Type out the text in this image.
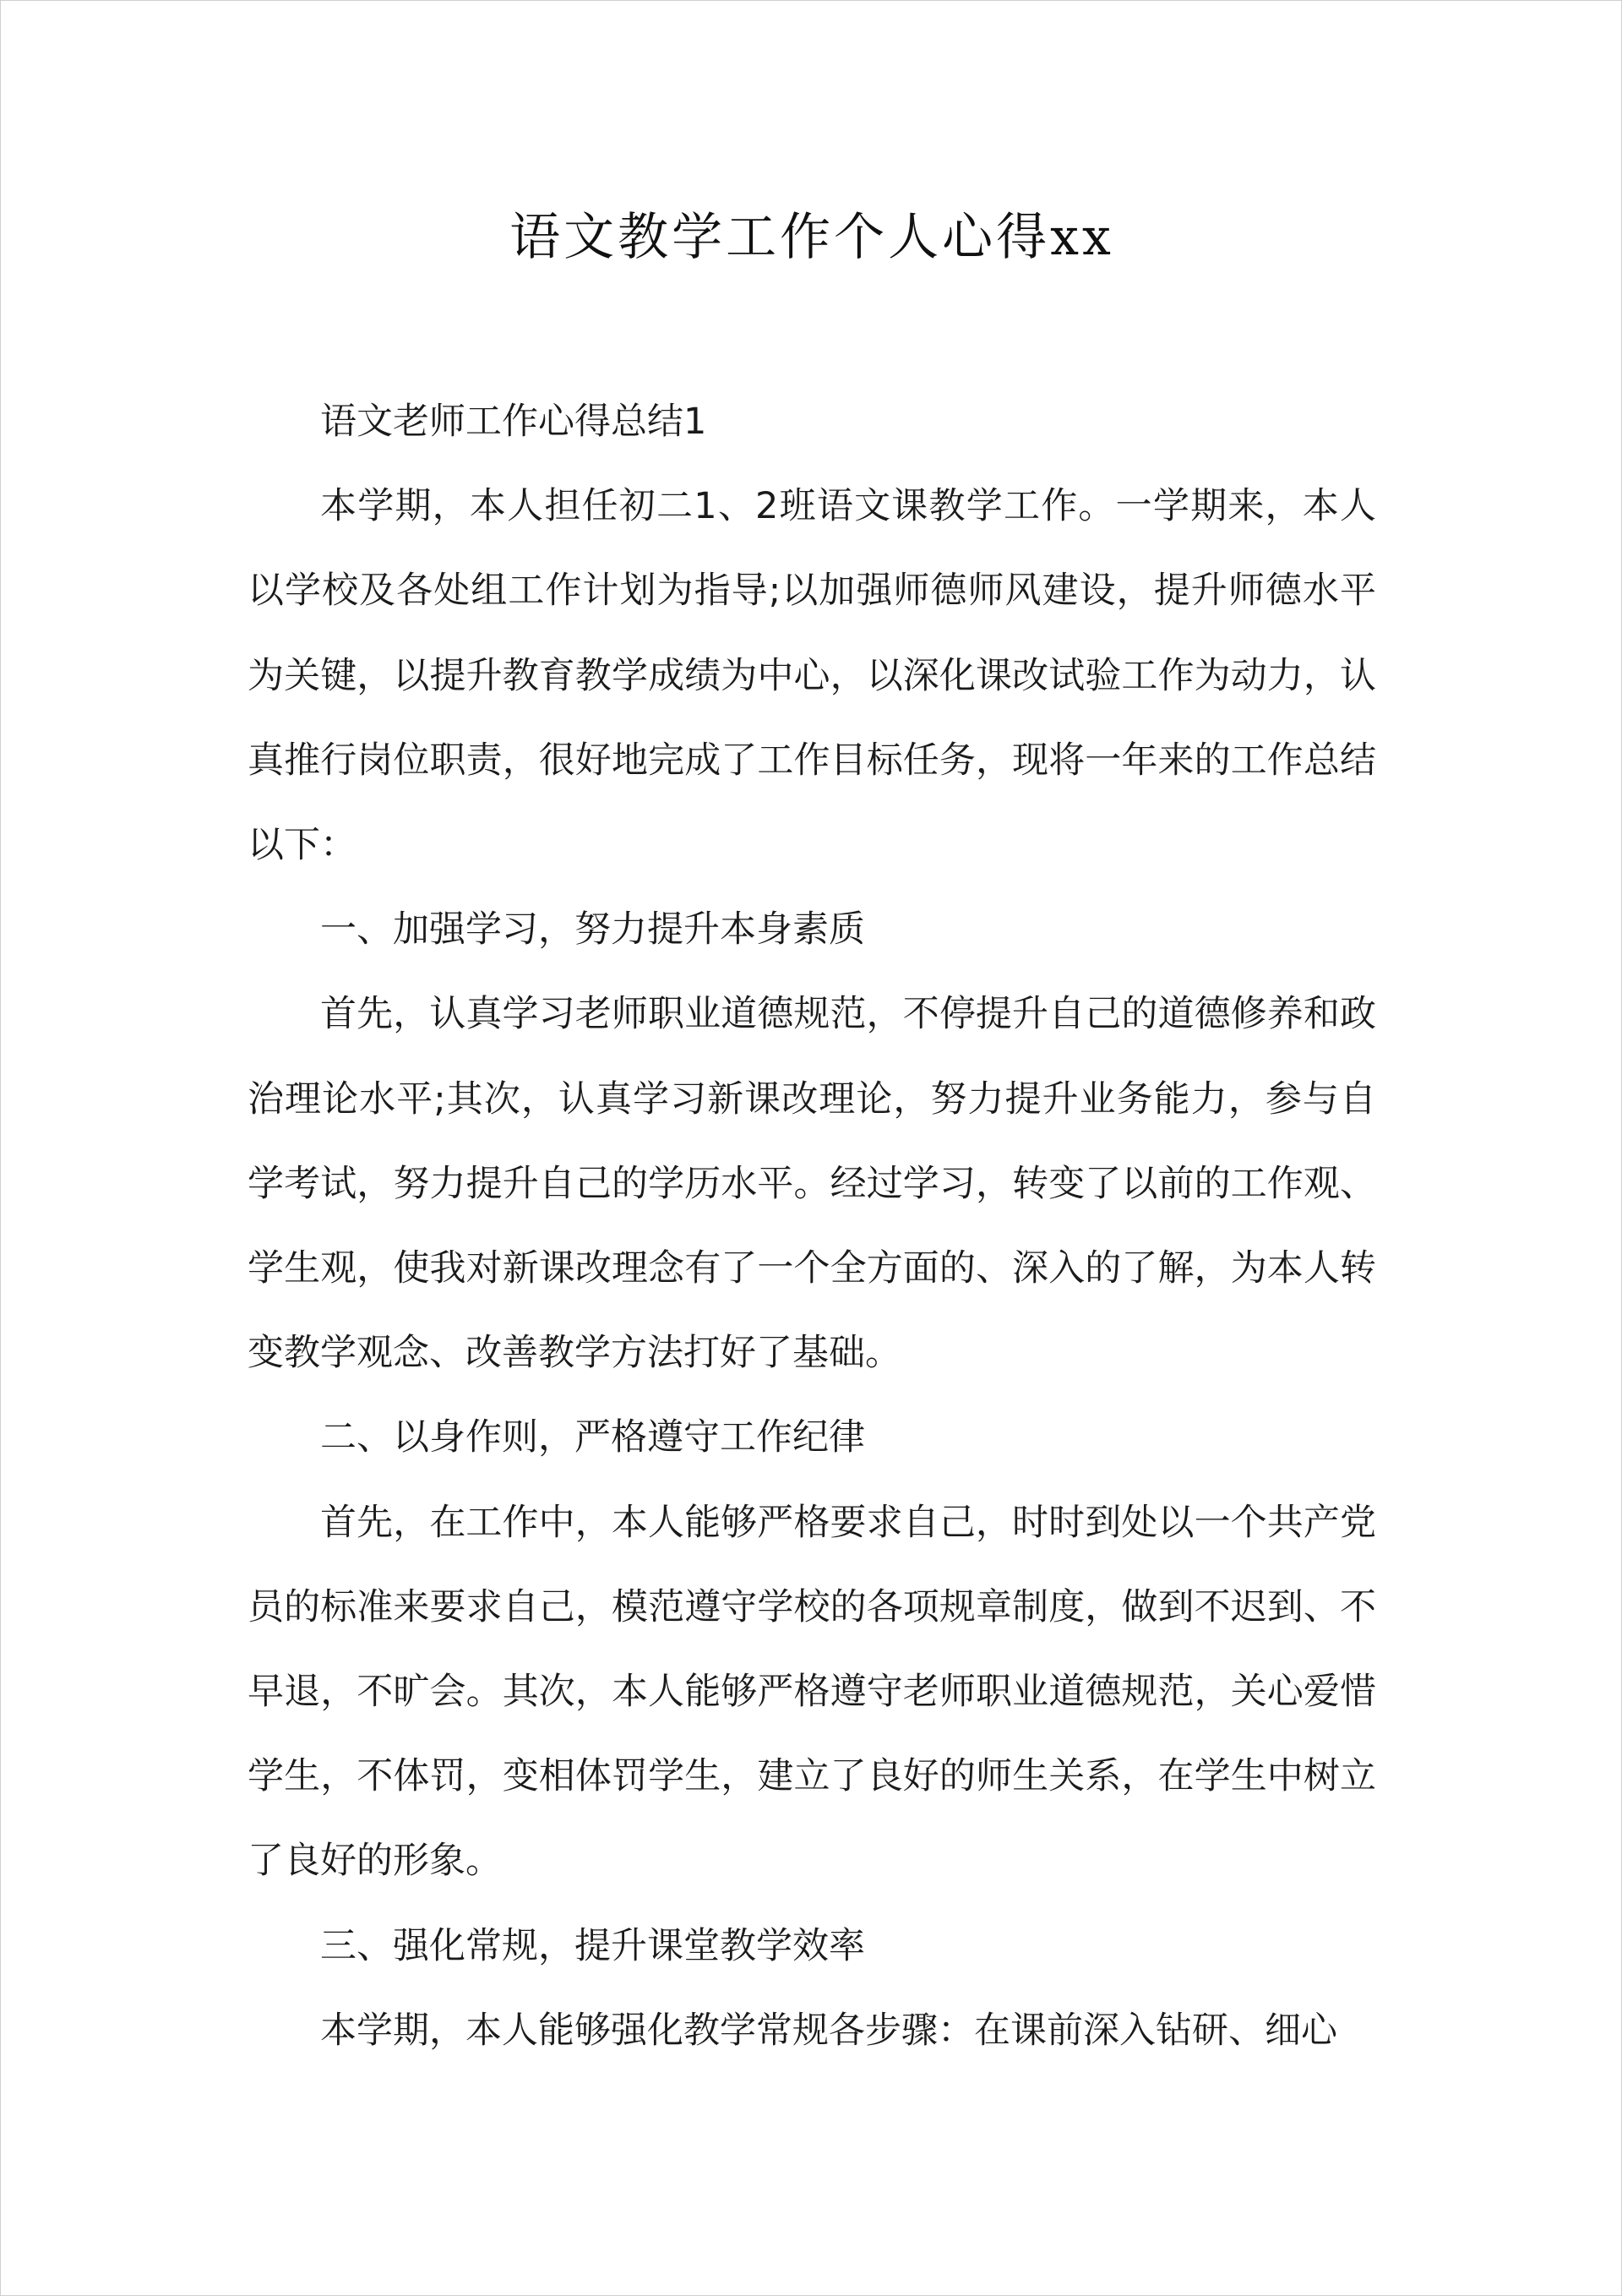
语文教学工作个人心得xx

语文老师工作心得总结1

本学期，本人担任初二1、2班语文课教学工作。一学期来，本人以学校及各处组工作计划为指导;以加强师德师风建设，提升师德水平为关键，以提升教育教学成绩为中心，以深化课改试验工作为动力，认真推行岗位职责，很好地完成了工作目标任务，现将一年来的工作总结以下：

一、加强学习，努力提升本身素质

首先，认真学习老师职业道德规范，不停提升自己的道德修养和政治理论水平;其次，认真学习新课改理论，努力提升业务能力，参与自学考试，努力提升自己的学历水平。经过学习，转变了以前的工作观、学生观，使我对新课改理念有了一个全方面的、深入的了解，为本人转变教学观念、改善教学方法打好了基础。

二、以身作则，严格遵守工作纪律

首先，在工作中，本人能够严格要求自己，时时到处以一个共产党员的标准来要求自己，模范遵守学校的各项规章制度，做到不迟到、不早退，不旷会。其次，本人能够严格遵守老师职业道德规范，关心爱惜学生，不体罚，变相体罚学生，建立了良好的师生关系，在学生中树立了良好的形象。

三、强化常规，提升课堂教学效率

本学期，本人能够强化教学常规各步骤：在课前深入钻研、细心
